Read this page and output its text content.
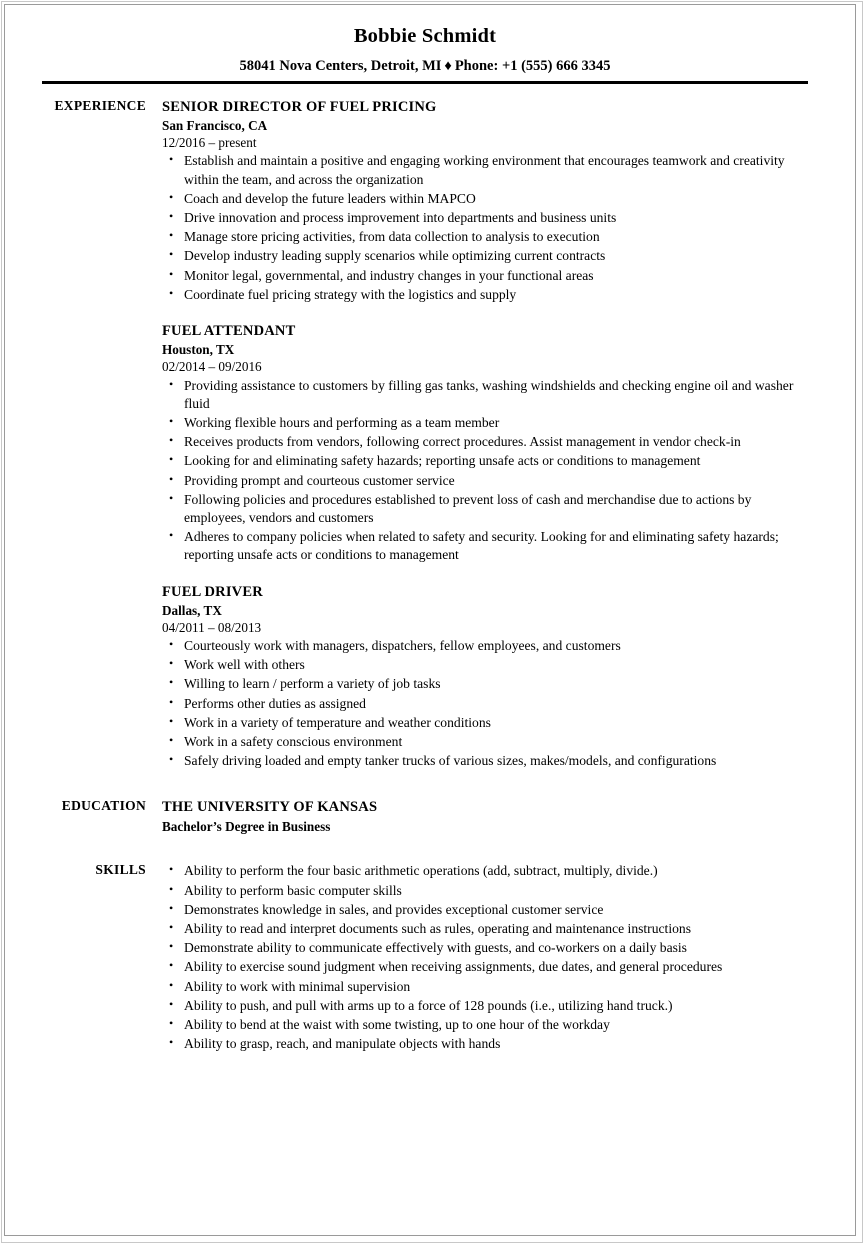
Bobbie Schmidt
58041 Nova Centers, Detroit, MI ♦ Phone: +1 (555) 666 3345
EXPERIENCE SENIOR DIRECTOR OF FUEL PRICING
San Francisco, CA
12/2016 – present
• Establish and maintain a positive and engaging working environment that encourages teamwork and creativity within the team, and across the organization
• Coach and develop the future leaders within MAPCO
• Drive innovation and process improvement into departments and business units
• Manage store pricing activities, from data collection to analysis to execution
• Develop industry leading supply scenarios while optimizing current contracts
• Monitor legal, governmental, and industry changes in your functional areas
• Coordinate fuel pricing strategy with the logistics and supply
FUEL ATTENDANT
Houston, TX
02/2014 – 09/2016
• Providing assistance to customers by filling gas tanks, washing windshields and checking engine oil and washer fluid
• Working flexible hours and performing as a team member
• Receives products from vendors, following correct procedures. Assist management in vendor check-in
• Looking for and eliminating safety hazards; reporting unsafe acts or conditions to management
• Providing prompt and courteous customer service
• Following policies and procedures established to prevent loss of cash and merchandise due to actions by employees, vendors and customers
• Adheres to company policies when related to safety and security. Looking for and eliminating safety hazards; reporting unsafe acts or conditions to management
FUEL DRIVER
Dallas, TX
04/2011 – 08/2013
• Courteously work with managers, dispatchers, fellow employees, and customers
• Work well with others
• Willing to learn / perform a variety of job tasks
• Performs other duties as assigned
• Work in a variety of temperature and weather conditions
• Work in a safety conscious environment
• Safely driving loaded and empty tanker trucks of various sizes, makes/models, and configurations
EDUCATION THE UNIVERSITY OF KANSAS
Bachelor’s Degree in Business
SKILLS	• Ability to perform the four basic arithmetic operations (add, subtract, multiply, divide.)
• Ability to perform basic computer skills
• Demonstrates knowledge in sales, and provides exceptional customer service
• Ability to read and interpret documents such as rules, operating and maintenance instructions
• Demonstrate ability to communicate effectively with guests, and co-workers on a daily basis
• Ability to exercise sound judgment when receiving assignments, due dates, and general procedures
• Ability to work with minimal supervision
• Ability to push, and pull with arms up to a force of 128 pounds (i.e., utilizing hand truck.)
• Ability to bend at the waist with some twisting, up to one hour of the workday
• Ability to grasp, reach, and manipulate objects with hands
